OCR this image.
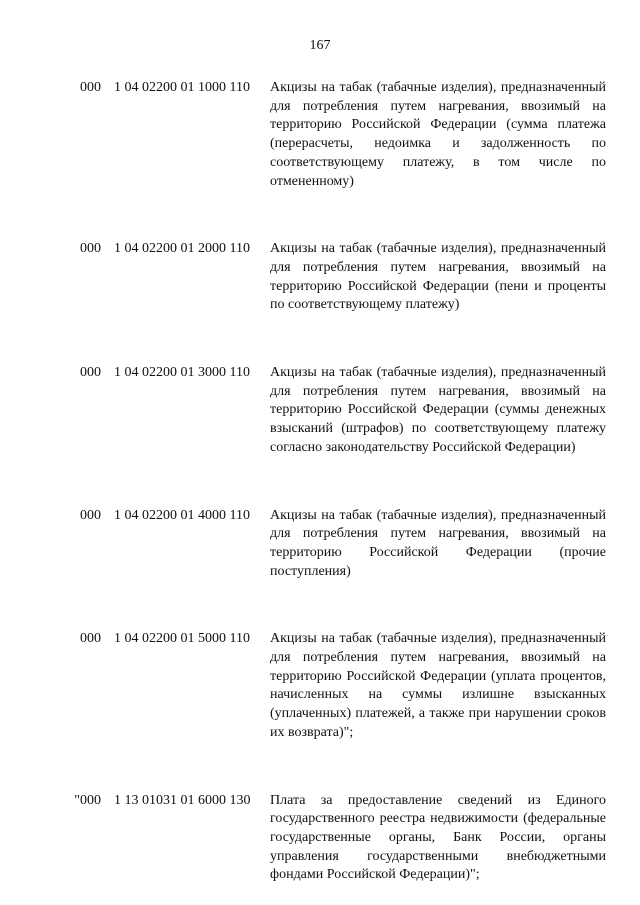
167
000 1 04 02200 01 1000 110 Акцизы на табак (табачные изделия), предназначенный для потребления путем нагревания, ввозимый на территорию Российской Федерации (сумма платежа (перерасчеты, недоимка и задолженность по соответствующему платежу, в том числе по отмененному)
000 1 04 02200 01 2000 110 Акцизы на табак (табачные изделия), предназначенный для потребления путем нагревания, ввозимый на территорию Российской Федерации (пени и проценты по соответствующему платежу)
000 1 04 02200 01 3000 110 Акцизы на табак (табачные изделия), предназначенный для потребления путем нагревания, ввозимый на территорию Российской Федерации (суммы денежных взысканий (штрафов) по соответствующему платежу согласно законодательству Российской Федерации)
000 1 04 02200 01 4000 110 Акцизы на табак (табачные изделия), предназначенный для потребления путем нагревания, ввозимый на территорию Российской Федерации (прочие поступления)
000 1 04 02200 01 5000 110 Акцизы на табак (табачные изделия), предназначенный для потребления путем нагревания, ввозимый на территорию Российской Федерации (уплата процентов, начисленных на суммы излишне взысканных (уплаченных) платежей, а также при нарушении сроков их возврата)";
"000 1 13 01031 01 6000 130 Плата за предоставление сведений из Единого государственного реестра недвижимости (федеральные государственные органы, Банк России, органы управления государственными внебюджетными фондами Российской Федерации)";
